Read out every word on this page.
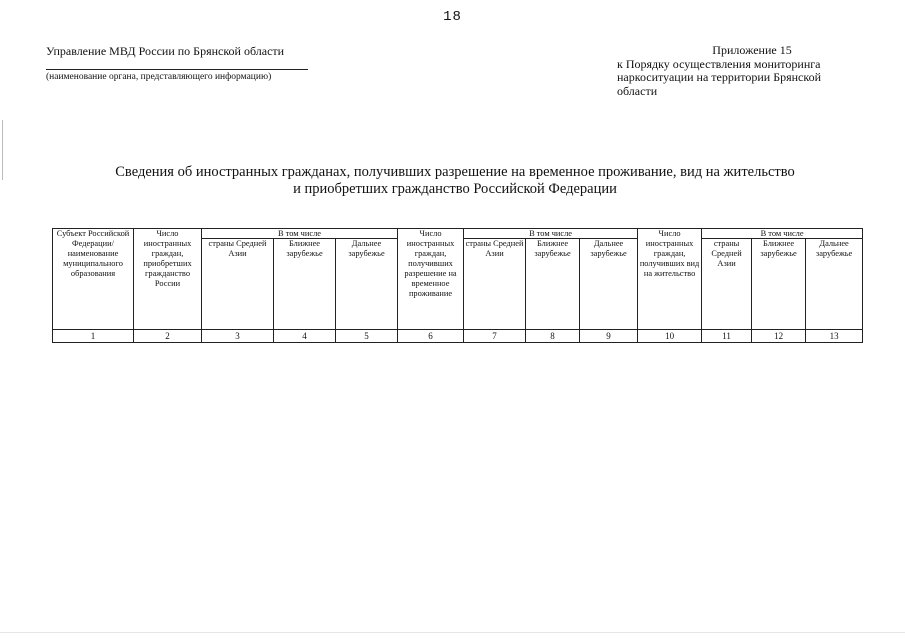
18
Управление МВД России по Брянской области
(наименование органа, представляющего информацию)
Приложение 15
к Порядку осуществления мониторинга
наркоситуации на территории Брянской
области
Сведения об иностранных гражданах, получивших разрешение на временное проживание, вид на жительство
и приобретших гражданство Российской Федерации
Субъект Российской Федерации/ наименование муниципального образования	Число иностранных граждан, приобретших гражданство России	В том числе			Число иностранных граждан, получивших разрешение на временное проживание	В том числе			Число иностранных граждан, получивших вид на жительство	В том числе		
		страны Средней Азии	Ближнее зарубежье	Дальнее зарубежье		страны Средней Азии	Ближнее зарубежье	Дальнее зарубежье		страны Средней Азии	Ближнее зарубежье	Дальнее зарубежье
1	2	3	4	5	6	7	8	9	10	11	12	13
